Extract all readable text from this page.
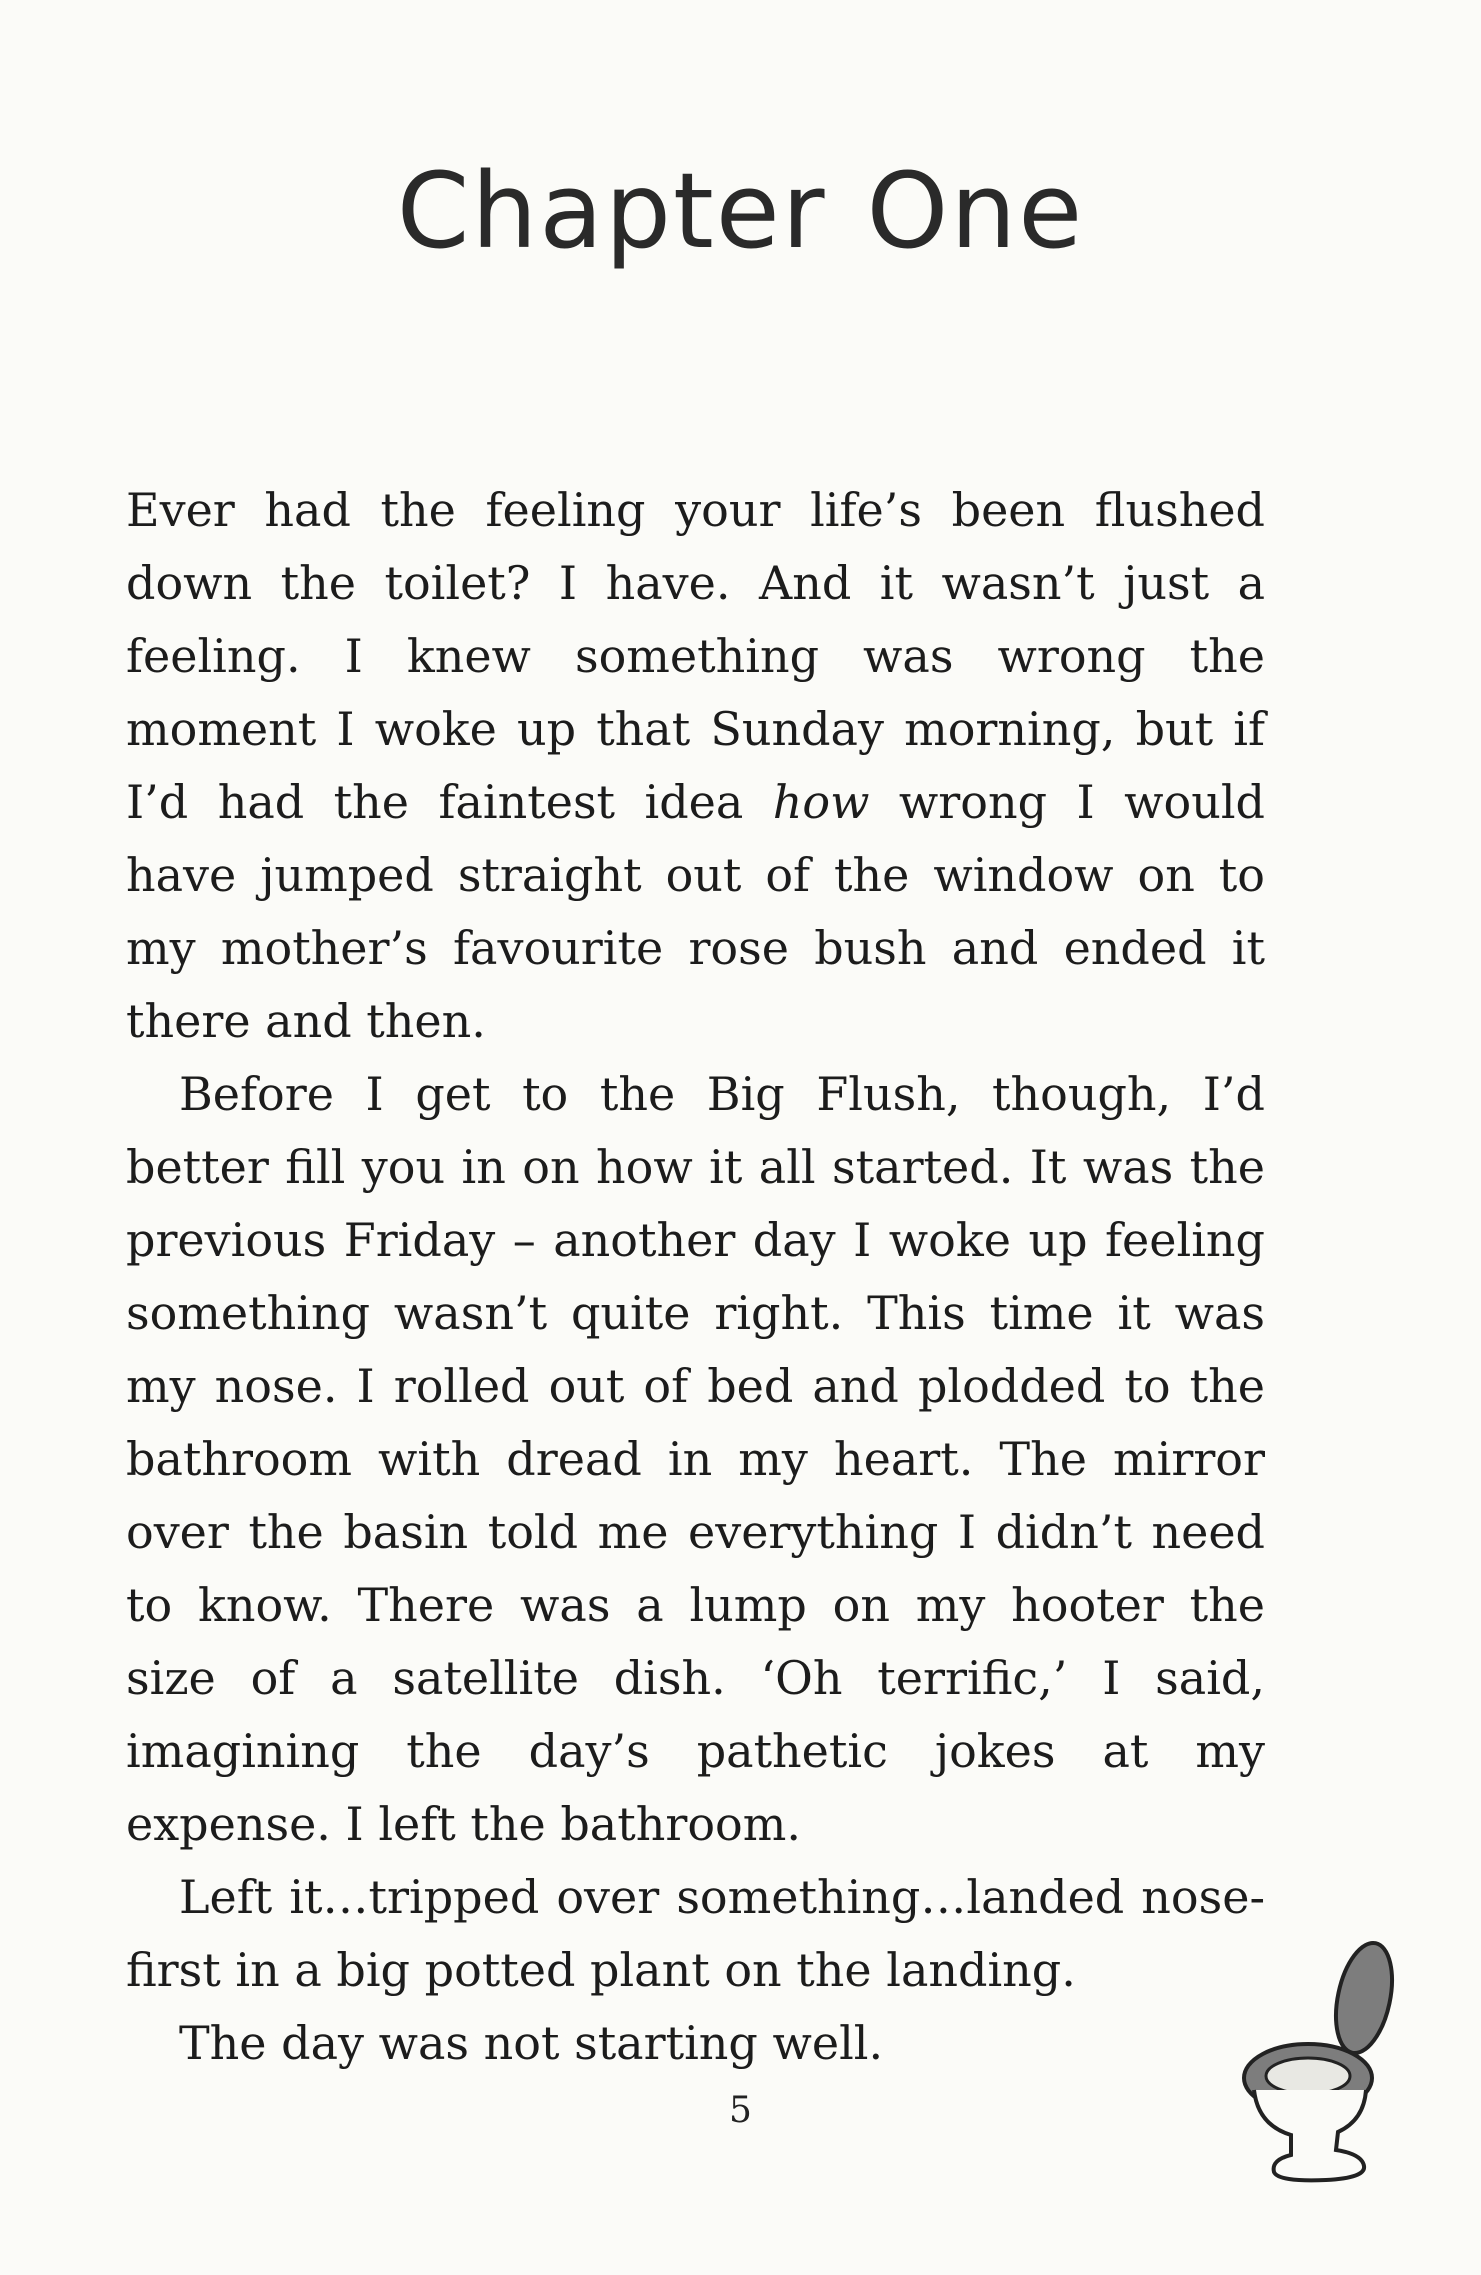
Chapter One

Ever had the feeling your life’s been flushed down the toilet? I have. And it wasn’t just a feeling. I knew something was wrong the moment I woke up that Sunday morning, but if I’d had the faintest idea how wrong I would have jumped straight out of the window on to my mother’s favourite rose bush and ended it there and then.

Before I get to the Big Flush, though, I’d better fill you in on how it all started. It was the previous Friday – another day I woke up feeling something wasn’t quite right. This time it was my nose. I rolled out of bed and plodded to the bathroom with dread in my heart. The mirror over the basin told me everything I didn’t need to know. There was a lump on my hooter the size of a satellite dish. ‘Oh terrific,’ I said, imagining the day’s pathetic jokes at my expense. I left the bathroom.

Left it…tripped over something…landed nose-first in a big potted plant on the landing.

The day was not starting well.

5
